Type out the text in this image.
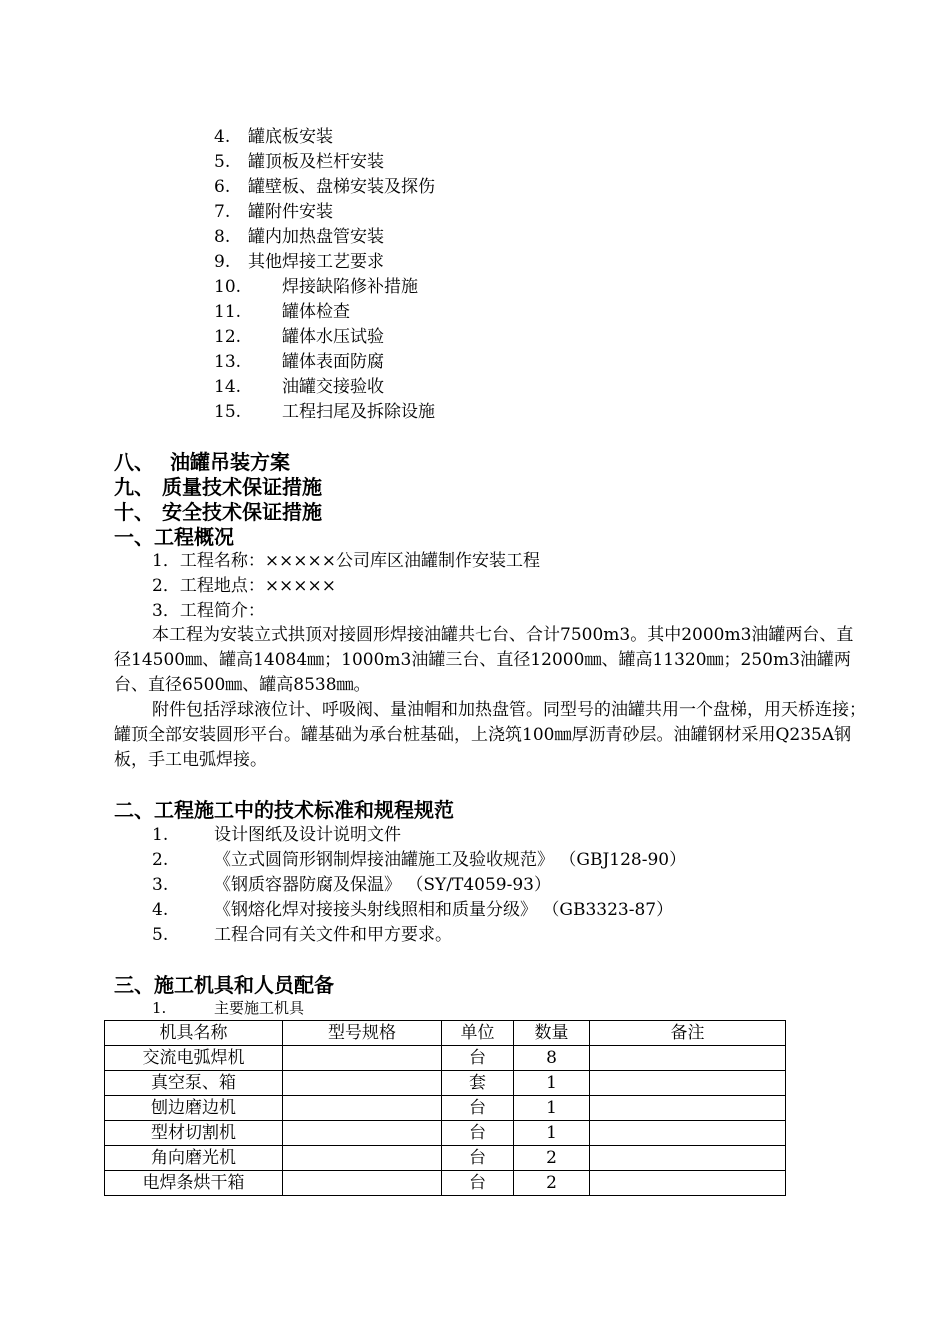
4. 罐底板安装
5. 罐顶板及栏杆安装
6. 罐壁板、盘梯安装及探伤
7. 罐附件安装
8. 罐内加热盘管安装
9. 其他焊接工艺要求
10. 焊接缺陷修补措施
11. 罐体检查
12. 罐体水压试验
13. 罐体表面防腐
14. 油罐交接验收
15. 工程扫尾及拆除设施
八、 油罐吊装方案
九、 质量技术保证措施
十、 安全技术保证措施
一、工程概况
1．工程名称：×××××公司库区油罐制作安装工程
2．工程地点：×××××
3．工程简介：
本工程为安装立式拱顶对接圆形焊接油罐共七台、合计7500m3。其中2000m3油罐两台、直径14500㎜、罐高14084㎜；1000m3油罐三台、直径12000㎜、罐高11320㎜；250m3油罐两台、直径6500㎜、罐高8538㎜。
附件包括浮球液位计、呼吸阀、量油帽和加热盘管。同型号的油罐共用一个盘梯，用天桥连接；罐顶全部安装圆形平台。罐基础为承台桩基础，上浇筑100㎜厚沥青砂层。油罐钢材采用Q235A钢板，手工电弧焊接。
二、工程施工中的技术标准和规程规范
1.	设计图纸及设计说明文件
2.	《立式圆筒形钢制焊接油罐施工及验收规范》 （GBJ128-90）
3.	《钢质容器防腐及保温》 （SY/T4059-93）
4.	《钢熔化焊对接接头射线照相和质量分级》 （GB3323-87）
5.	工程合同有关文件和甲方要求。
三、施工机具和人员配备
1.	主要施工机具
机具名称	型号规格	单位	数量	备注
交流电弧焊机		台	8	
真空泵、箱		套	1	
刨边磨边机		台	1	
型材切割机		台	1	
角向磨光机		台	2	
电焊条烘干箱		台	2	
